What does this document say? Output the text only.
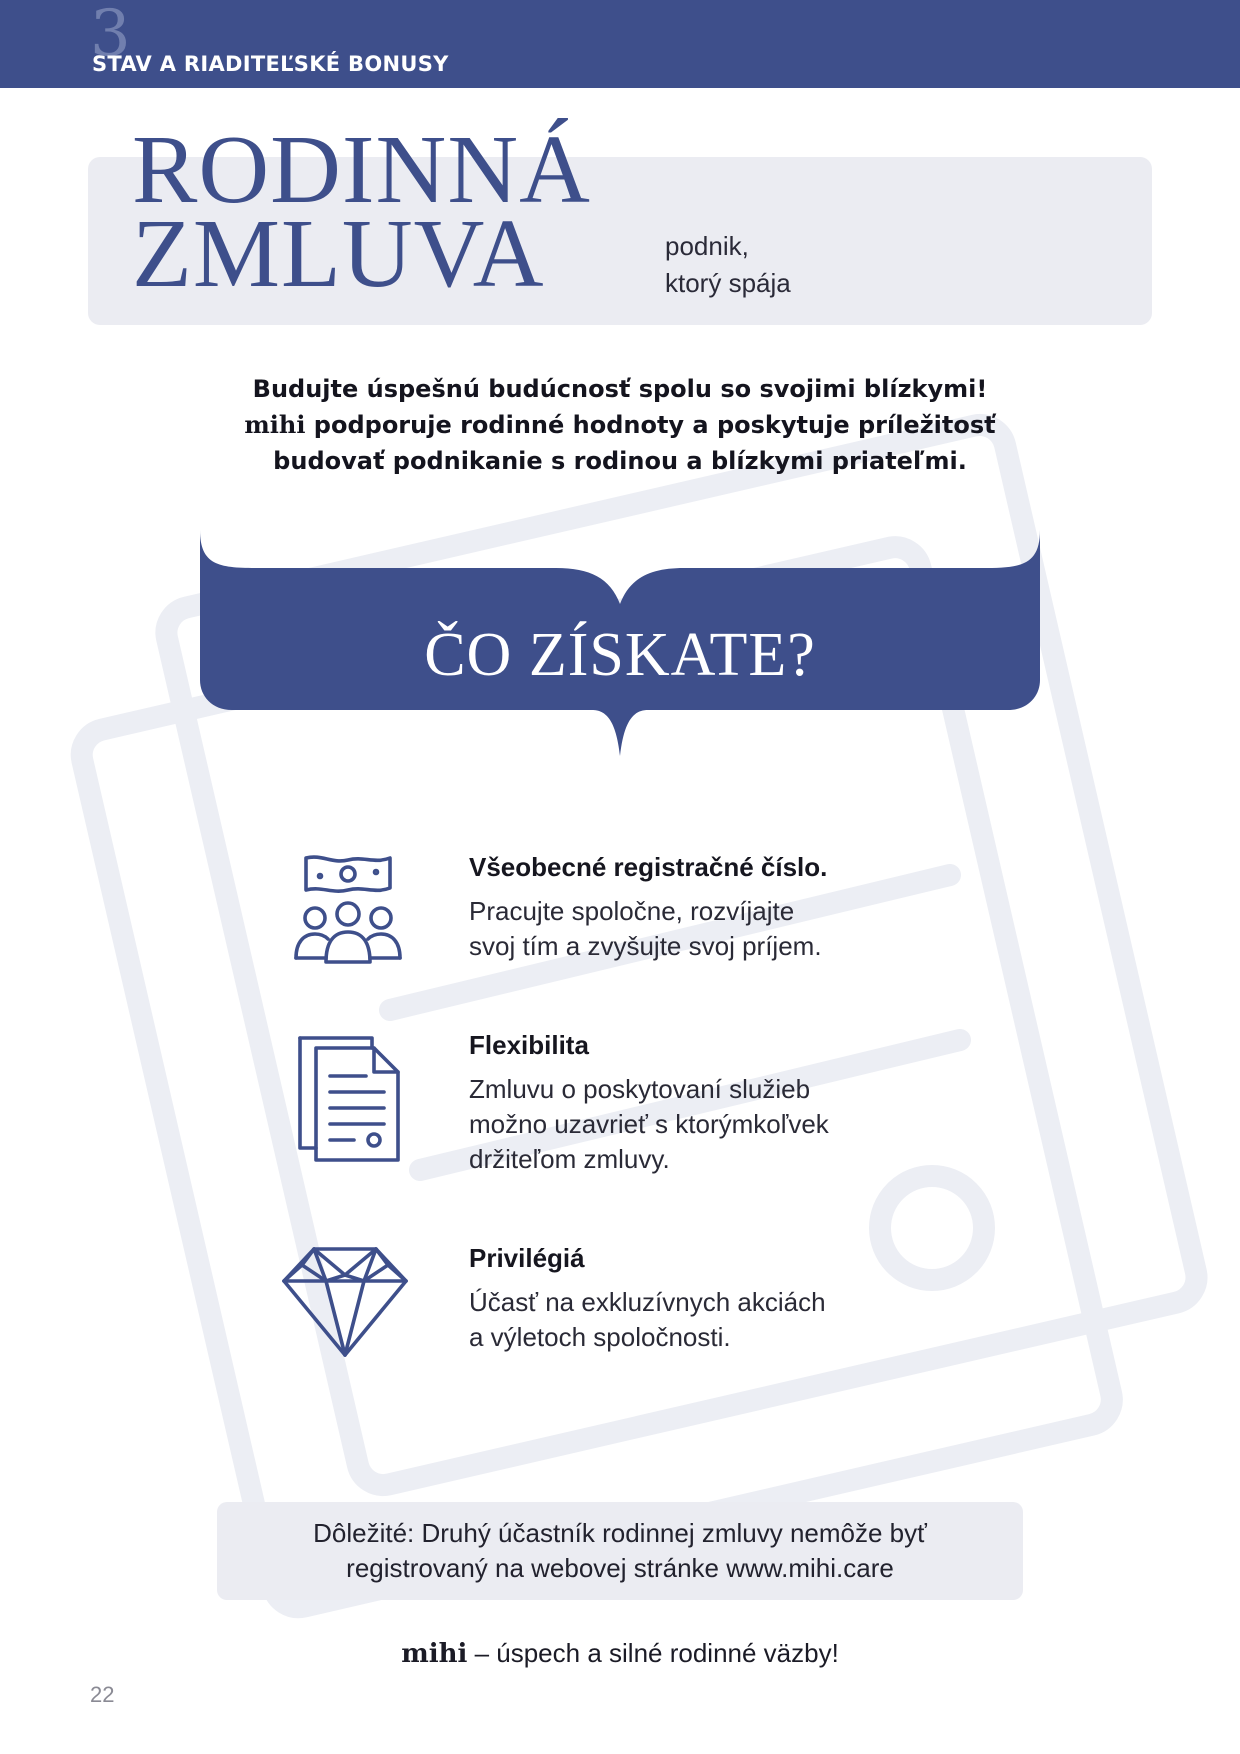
3
STAV A RIADITEĽSKÉ BONUSY
RODINNÁ
ZMLUVA	podnik,
ktorý spája
Budujte úspešnú budúcnosť spolu so svojimi blízkymi!
mihi podporuje rodinné hodnoty a poskytuje príležitosť
budovať podnikanie s rodinou a blízkymi priateľmi.
ČO ZÍSKATE?
Všeobecné registračné číslo.
Pracujte spoločne, rozvíjajte
svoj tím a zvyšujte svoj príjem.
Flexibilita
Zmluvu o poskytovaní služieb
možno uzavrieť s ktorýmkoľvek
držiteľom zmluvy.
Privilégiá
Účasť na exkluzívnych akciách
a výletoch spoločnosti.
Dôležité: Druhý účastník rodinnej zmluvy nemôže byť
registrovaný na webovej stránke www.mihi.care
mihi – úspech a silné rodinné väzby!
22
